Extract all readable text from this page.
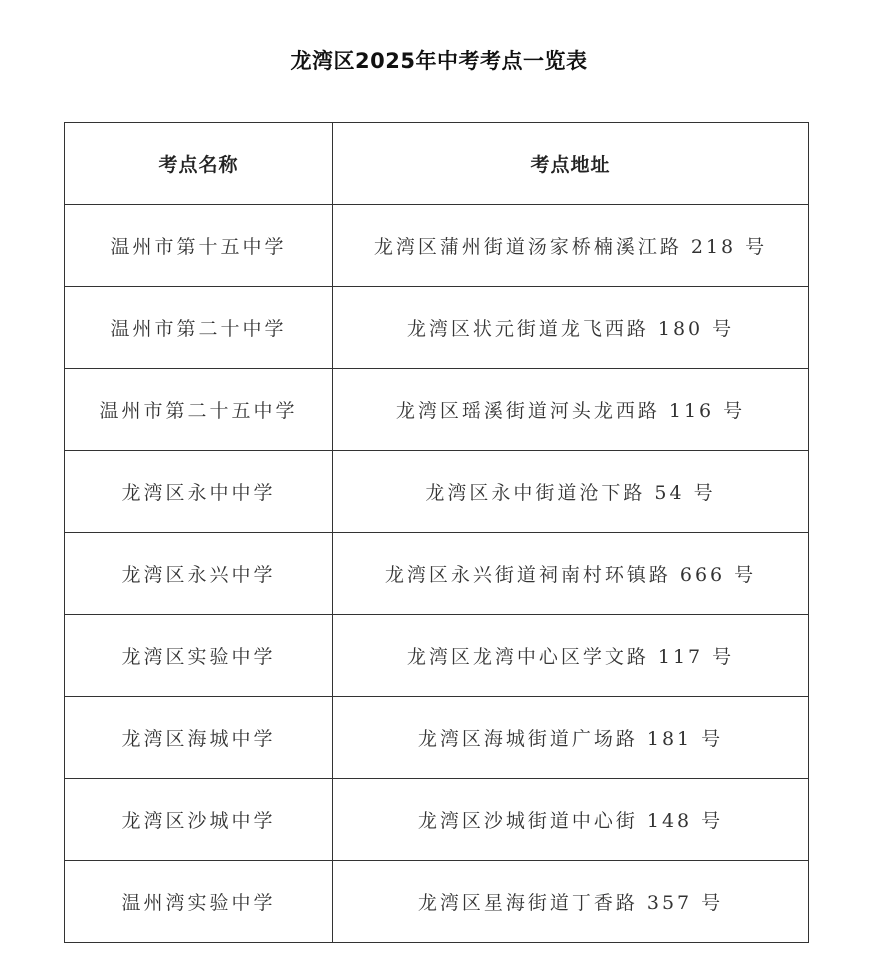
龙湾区2025年中考考点一览表
考点名称	考点地址
温州市第十五中学	龙湾区蒲州街道汤家桥楠溪江路 218 号
温州市第二十中学	龙湾区状元街道龙飞西路 180 号
温州市第二十五中学	龙湾区瑶溪街道河头龙西路 116 号
龙湾区永中中学	龙湾区永中街道沧下路 54 号
龙湾区永兴中学	龙湾区永兴街道祠南村环镇路 666 号
龙湾区实验中学	龙湾区龙湾中心区学文路 117 号
龙湾区海城中学	龙湾区海城街道广场路 181 号
龙湾区沙城中学	龙湾区沙城街道中心街 148 号
温州湾实验中学	龙湾区星海街道丁香路 357 号
